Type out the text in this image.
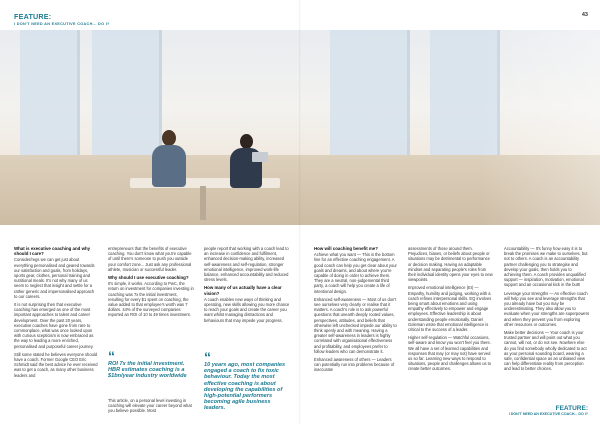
FEATURE:
I DON'T NEED AN EXECUTIVE COACH... DO I?
What is executive coaching and why should I care?

Consider/regs we can get just about everything personalised and geared towards our satisfaction and goals, from holidays, sports gear, clothes, personal training and nutritional meals. It's not why many of us seem to neglect that insight and settle for a rather generic and impersonalised approach to our careers.

It is not surprising then that executive coaching has emerged as one of the most important approaches to talent and career development. Over the past 20 years, executive coaches have gone from rare to commonplace, what was once looked upon with curious scepticism is now embraced as the way to leading a more enriched, personalised and purposeful career journey.

Still some stated he believes everyone should have a coach. Former Google CEO Eric Schmidt said the best advice he ever received was to get a coach, as many other business leaders and

entrepreneurs that the benefits of executive coaching. You don't know what you're capable of until there's someone to push you outside your comfort zone... Just ask any professional athlete, musician or successful leader.

Why should I use executive coaching?

It's simple, it works. According to PwC, the return on investment for companies investing in coaching was 7x the initial investment, resulting for every $1 spent on coaching, the value added to that employee's worth was 7 dollars. 44% of the surveyed companies reported an ROI of 10 to 49 times investment.

“
ROI 7x the initial investment. HBR estimates coaching is a $1bn/year industry worldwide

This article, on a personal level investing in coaching will elevate your career beyond what you believe possible. Most

people report that working with a coach lead to an increase in confidence and fulfilment, enhanced decision-making ability, increased self-awareness and self-regulation, stronger emotional intelligence, improved work-life balance, enhanced accountability and reduced stress levels.

How many of us actually have a clear vision?

A coach enables new ways of thinking and operating, new skills allowing you more chance to reach your goals and create the career you want whilst managing distractions and behaviours that may impede your progress.

“
10 years ago, most companies engaged a coach to fix toxic behaviour. Today the most effective coaching is about developing the capabilities of high-potential performers becoming agile business leaders.
43
How will coaching benefit me?

Achieve what you want — This is the bottom line for an effective coaching engagement. A good coach can help you get clear about your goals and dreams, and about where you're capable of doing in order to achieve them. They are a neutral, non-judgemental third party, a coach will help you create a life of intentional design.

Enhanced self-awareness — Most of us don't see ourselves very clearly or realise that it matters. A coach's role is to ask powerful questions that unearth deeply rooted values, perspectives, attitudes, and beliefs that otherwise left unchecked impede our ability to think openly and with meaning. Having a greater self-awareness in leaders is highly correlated with organisational effectiveness and profitability, and employees prefer to follow leaders who can demonstrate it.

Enhanced awareness of others — Leaders can potentially run into problems because of inaccurate

assessments of those around them. Prejudices, biases, or beliefs about people or situations may be detrimental to performance or decision making. Having an adaptable mindset and separating people's roles from their individual identity opens your eyes to new viewpoints.

Improved emotional intelligence (EI) — Empathy, humility and judging, working with a coach refines interpersonal skills. EQ involves being smart about emotions and using empathy effectively to empower and engage employees. Effective leadership is about understanding people emotionally. Daniel Goleman wrote that emotional intelligence is critical to the success of a leader.

Higher self-regulation — Watchful occasions, self-aware and know you won't feel you there. We all have a set of learned capabilities and responses that may (or may not) have served us so far. Learning new ways to respond to situations, people and challenges allows us to create better outcomes.

Accountability — It's funny how easy it is to break the promises we make to ourselves, but not to others. A coach is an accountability partner challenging you to strategise and develop your goals, then holds you to achieving them. A coach provides unqualified support — inspiration, motivation, emotional support and an occasional kick in the butt!

Leverage your strengths — An effective coach will help you see and leverage strengths that you already have but you may be underestimating. They also allow you to evaluate when your strengths are superpowers and when they prevent you from exploring other resources or outcomes.

Make better decisions — Your coach is your trusted partner and will point out what you cannot, will not, or do not see. Nowhere else do you find somebody wholly dedicated to act as your personal sounding board, wearing a safe, confidential space as an unbiased view can help differentiate reality from perception and lead to better choices.

FEATURE:
I DON'T NEED AN EXECUTIVE COACH... DO I?
